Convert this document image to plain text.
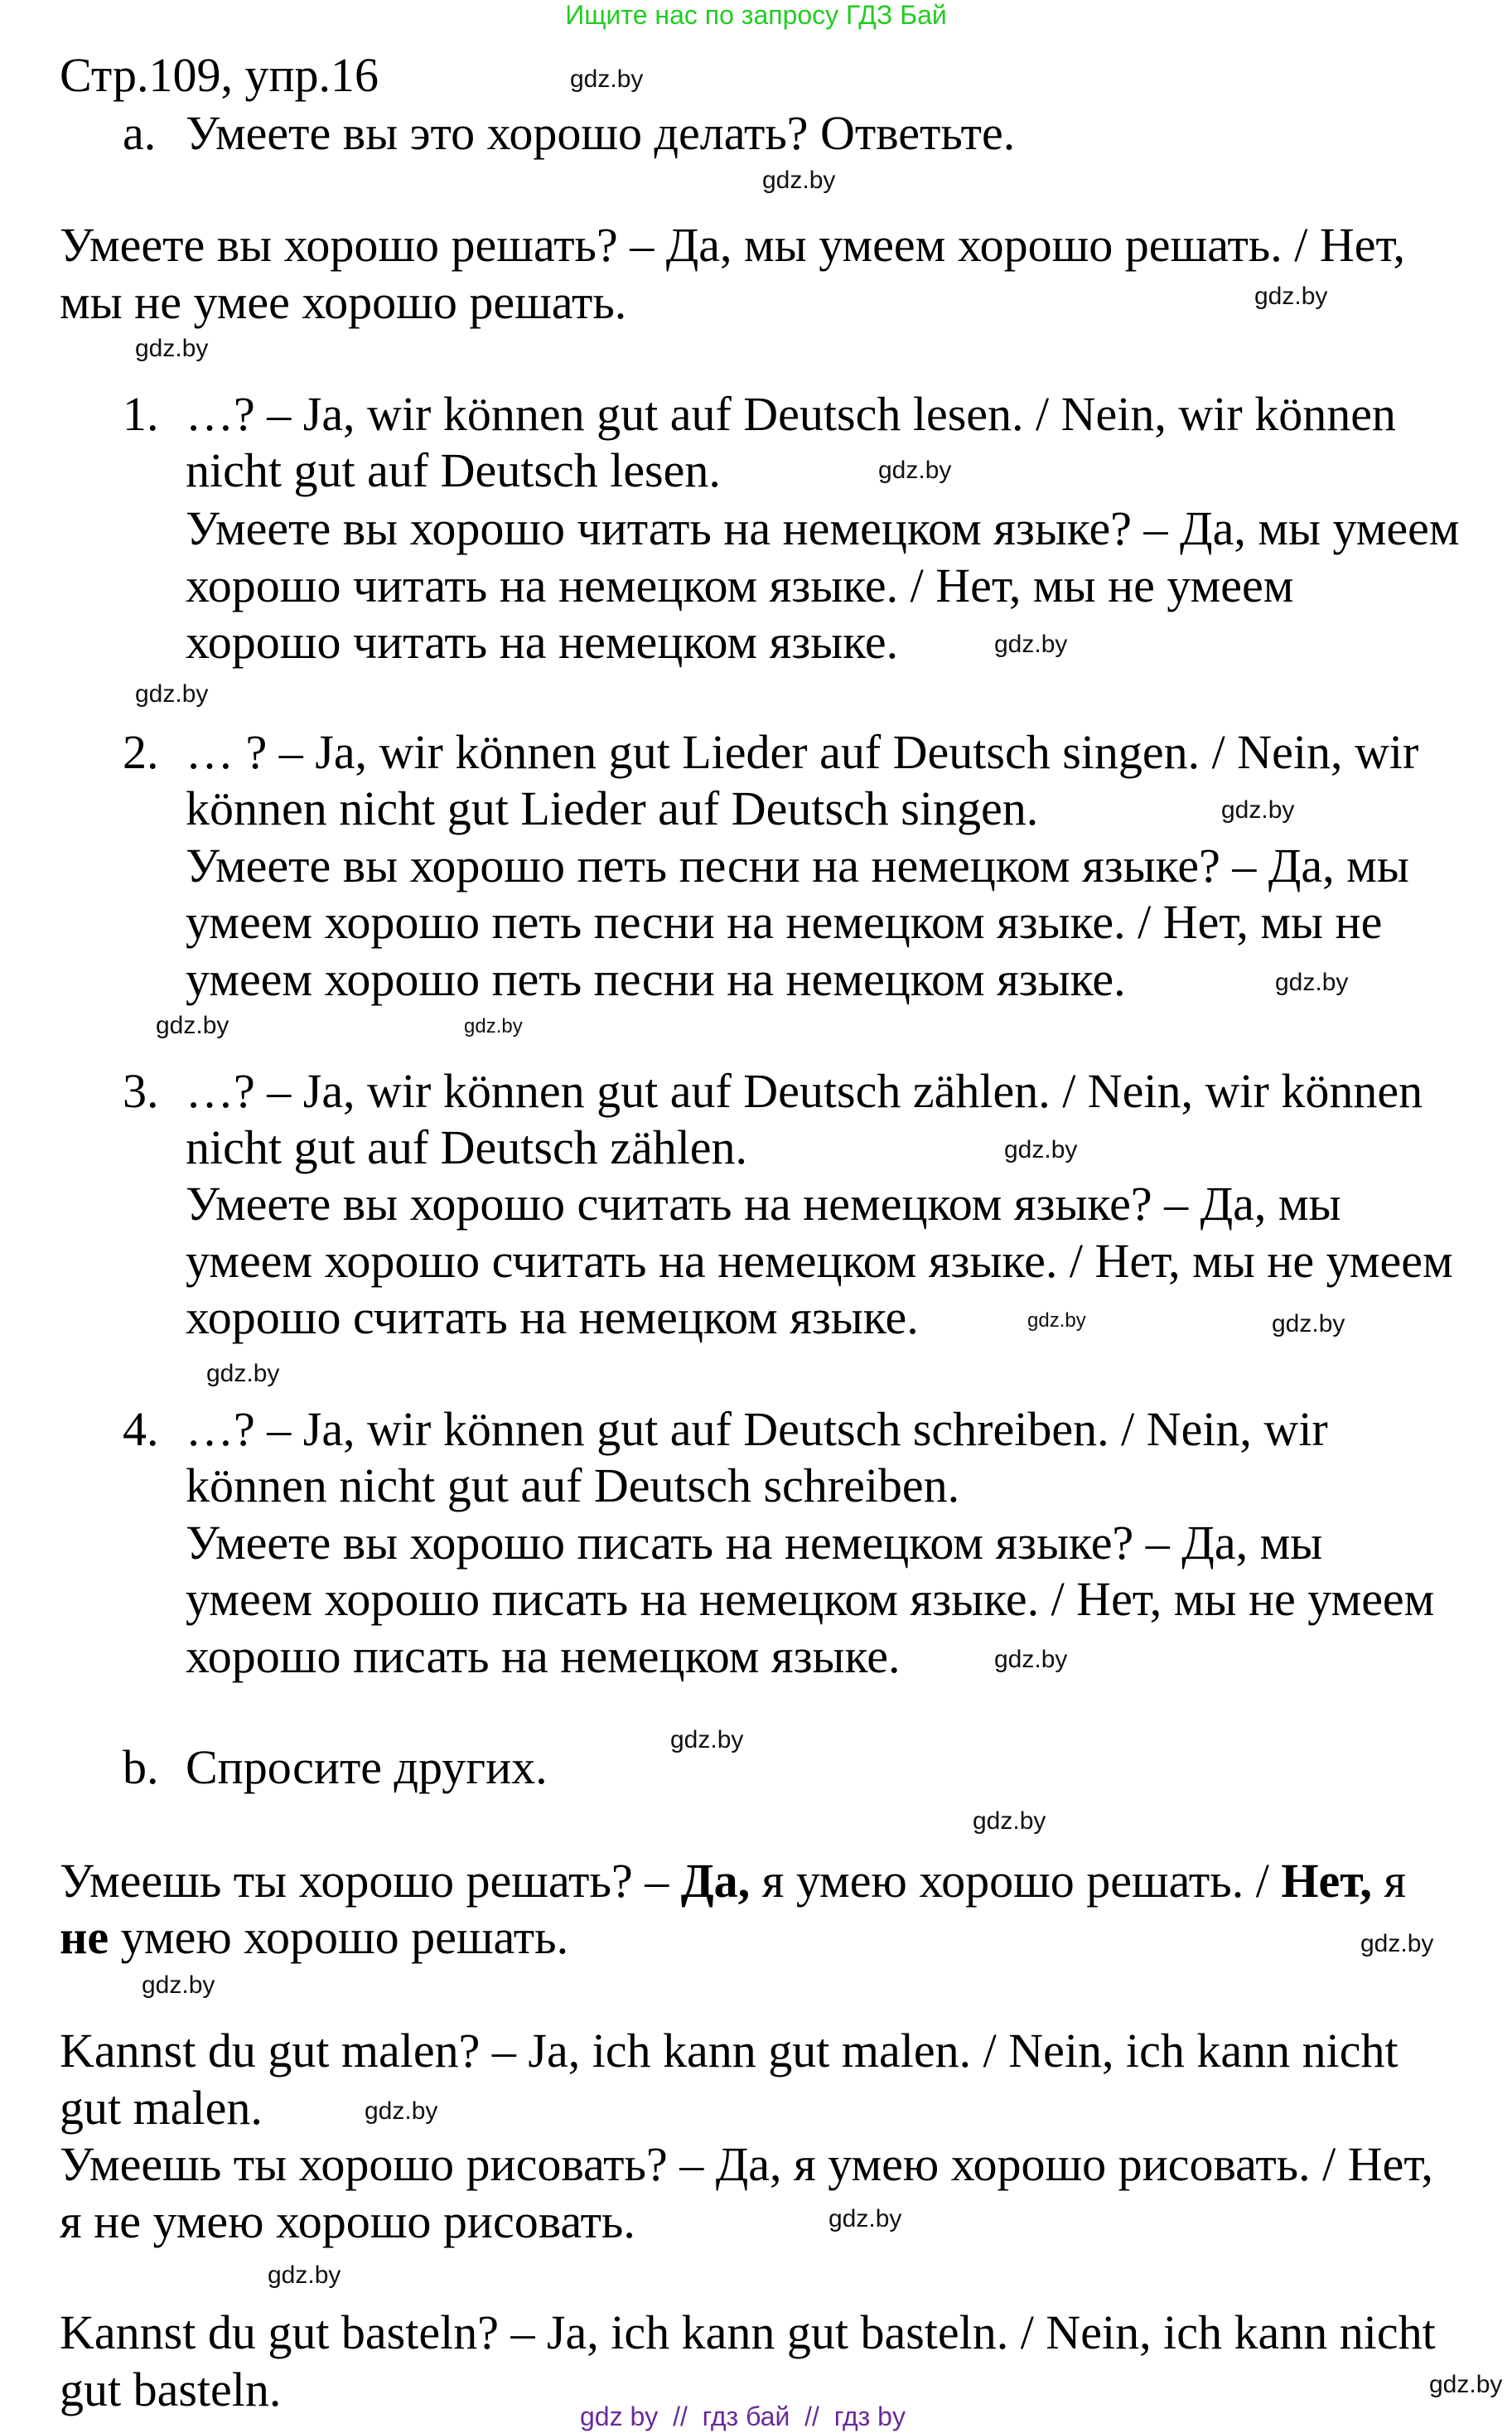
Ищите нас по запросу ГДЗ Бай
Стр.109, упр.16
a. Умеете вы это хорошо делать? Ответьте.
Умеете вы хорошо решать? – Да, мы умеем хорошо решать. / Нет,
мы не умее хорошо решать.
1. …? – Ja, wir können gut auf Deutsch lesen. / Nein, wir können
nicht gut auf Deutsch lesen.
Умеете вы хорошо читать на немецком языке? – Да, мы умеем
хорошо читать на немецком языке. / Нет, мы не умеем
хорошо читать на немецком языке.
2. … ? – Ja, wir können gut Lieder auf Deutsch singen. / Nein, wir
können nicht gut Lieder auf Deutsch singen.
Умеете вы хорошо петь песни на немецком языке? – Да, мы
умеем хорошо петь песни на немецком языке. / Нет, мы не
умеем хорошо петь песни на немецком языке.
3. …? – Ja, wir können gut auf Deutsch zählen. / Nein, wir können
nicht gut auf Deutsch zählen.
Умеете вы хорошо считать на немецком языке? – Да, мы
умеем хорошо считать на немецком языке. / Нет, мы не умеем
хорошо считать на немецком языке.
4. …? – Ja, wir können gut auf Deutsch schreiben. / Nein, wir
können nicht gut auf Deutsch schreiben.
Умеете вы хорошо писать на немецком языке? – Да, мы
умеем хорошо писать на немецком языке. / Нет, мы не умеем
хорошо писать на немецком языке.
b. Спросите других.
Умеешь ты хорошо решать? – Да, я умею хорошо решать. / Нет, я
не умею хорошо решать.
Kannst du gut malen? – Ja, ich kann gut malen. / Nein, ich kann nicht
gut malen.
Умеешь ты хорошо рисовать? – Да, я умею хорошо рисовать. / Нет,
я не умею хорошо рисовать.
Kannst du gut basteln? – Ja, ich kann gut basteln. / Nein, ich kann nicht
gut basteln.
gdz.by
gdz.by
gdz.by
gdz.by
gdz.by
gdz.by
gdz.by
gdz.by
gdz.by
gdz.by	gdz.by
gdz.by
gdz.by	gdz.by
gdz.by
gdz.by
gdz.by
gdz.by
gdz.by
gdz.by
gdz.by
gdz.by
gdz.by
gdz.by
gdz by  //  гдз бай  //  гдз by
